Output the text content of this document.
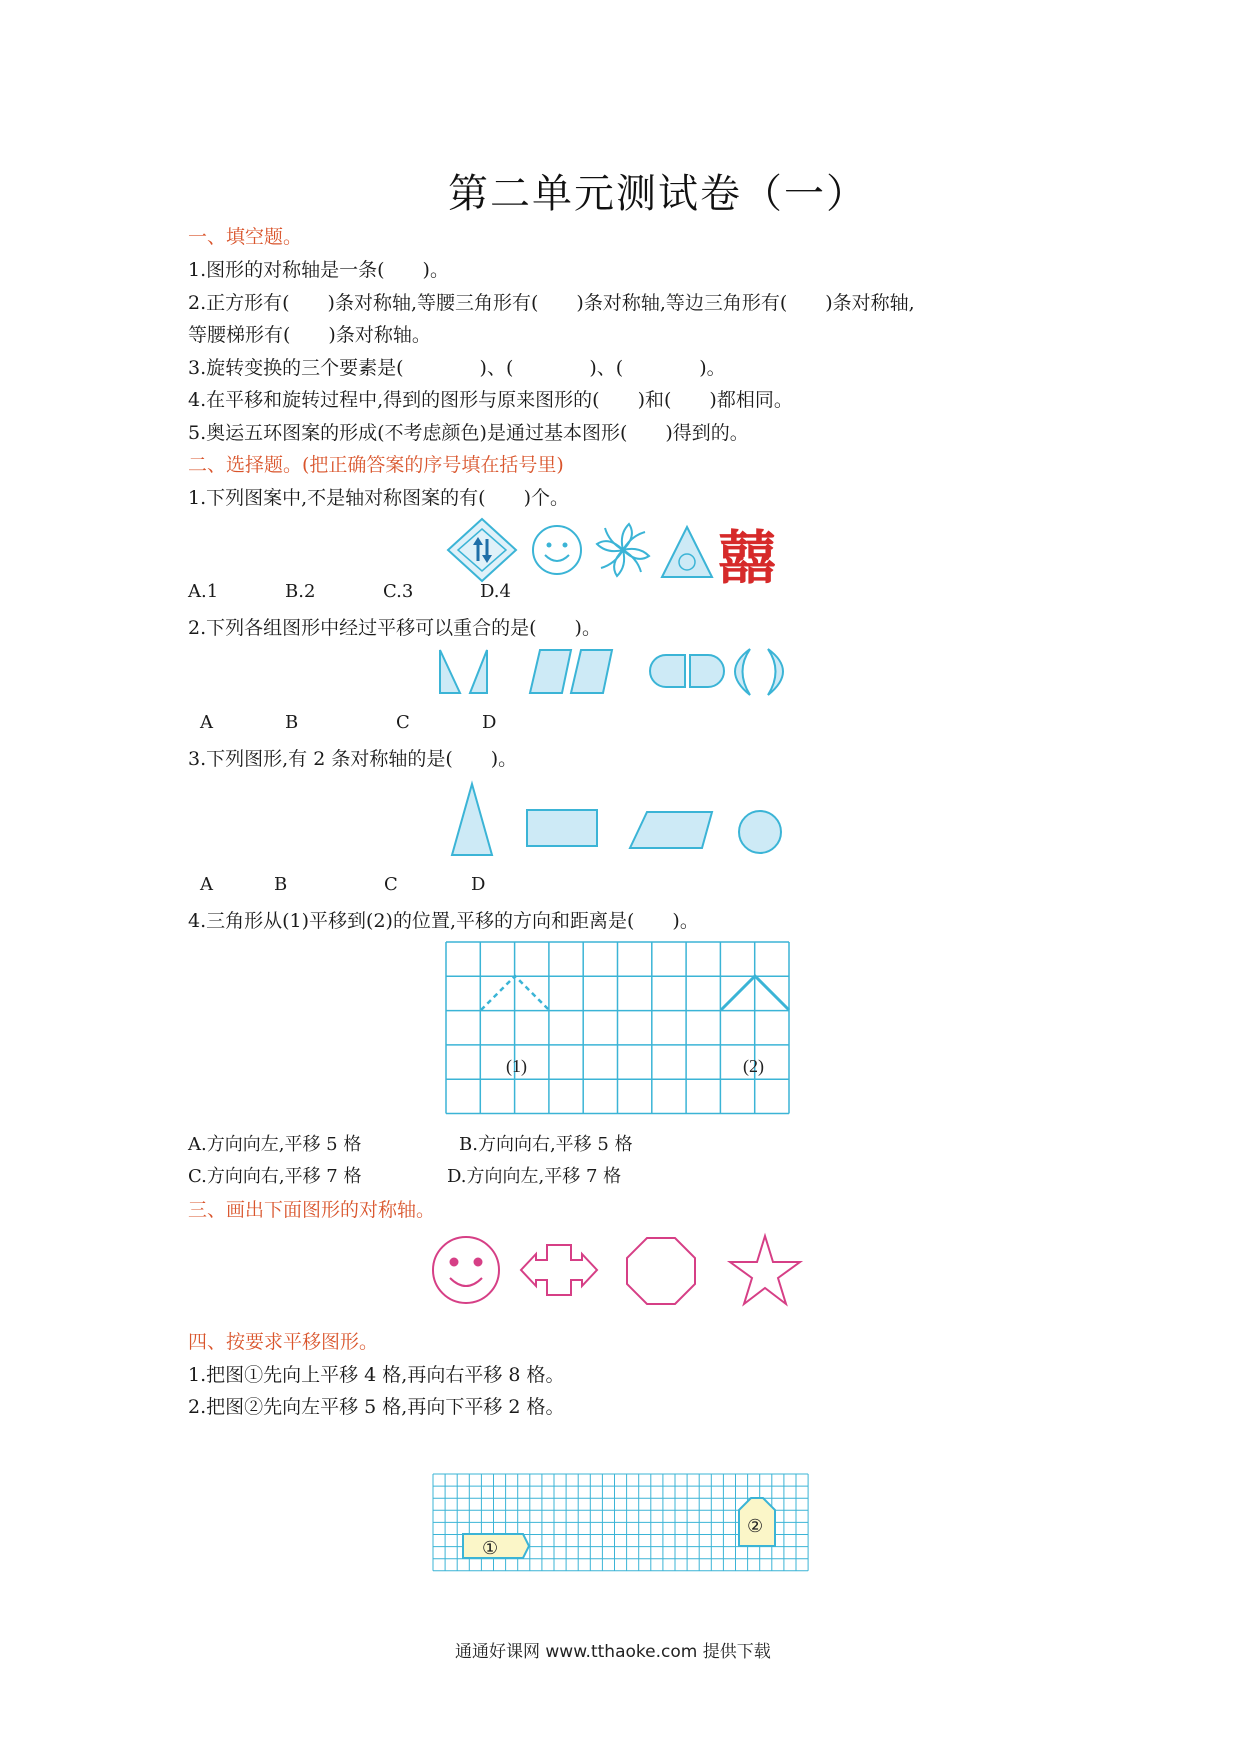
第二单元测试卷（一）
一、填空题。
1.图形的对称轴是一条(　　)。
2.正方形有(　　)条对称轴,等腰三角形有(　　)条对称轴,等边三角形有(　　)条对称轴,
等腰梯形有(　　)条对称轴。
3.旋转变换的三个要素是(　　　　)、(　　　　)、(　　　　)。
4.在平移和旋转过程中,得到的图形与原来图形的(　　)和(　　)都相同。
5.奥运五环图案的形成(不考虑颜色)是通过基本图形(　　)得到的。
二、选择题。(把正确答案的序号填在括号里)
1.下列图案中,不是轴对称图案的有(　　)个。
囍
A.1	B.2	C.3	D.4
2.下列各组图形中经过平移可以重合的是(　　)。
A	B	C	D
3.下列图形,有 2 条对称轴的是(　　)。
A	B	C	D
4.三角形从(1)平移到(2)的位置,平移的方向和距离是(　　)。
(1)	(2)
A.方向向左,平移 5 格	B.方向向右,平移 5 格
C.方向向右,平移 7 格	D.方向向左,平移 7 格
三、画出下面图形的对称轴。
四、按要求平移图形。
1.把图①先向上平移 4 格,再向右平移 8 格。
2.把图②先向左平移 5 格,再向下平移 2 格。
①
②
通通好课网 www.tthaoke.com 提供下载
